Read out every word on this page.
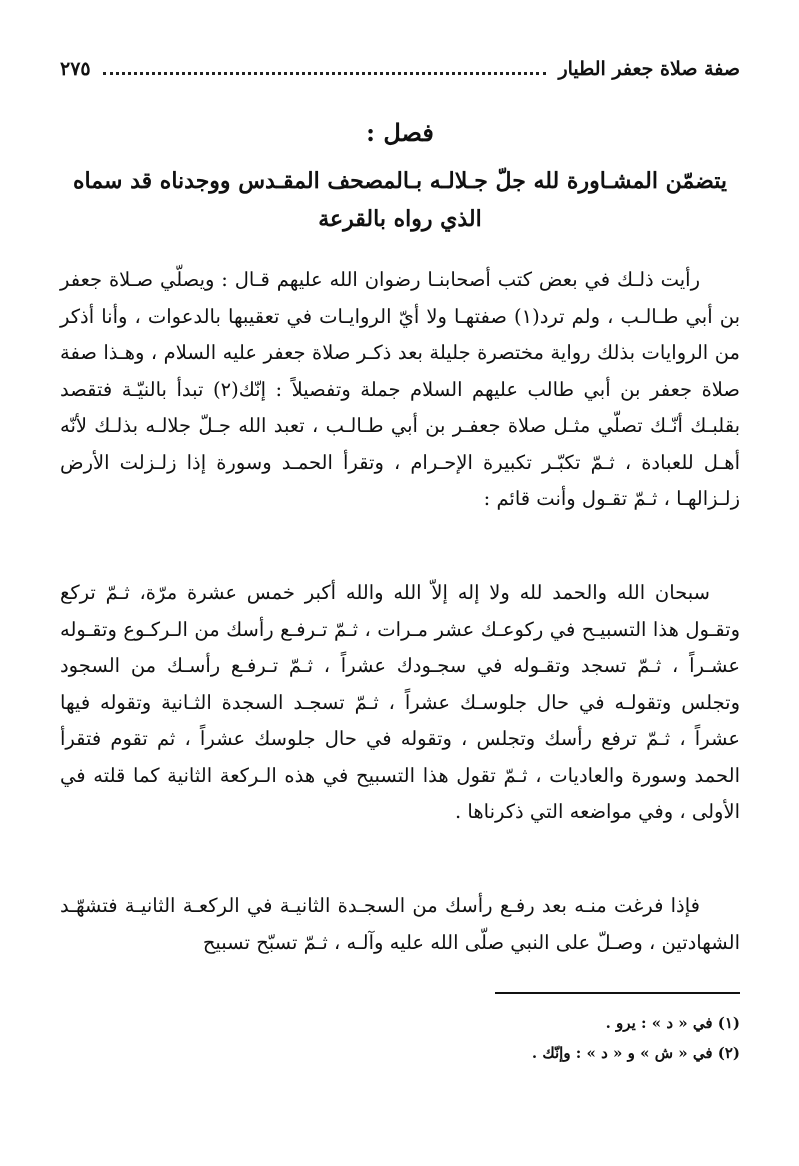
صفة صلاة جعفر الطيار
٢٧٥
فصل :
يتضمّن المشـاورة لله جلّ جـلالـه بـالمصحف المقـدس ووجدناه قد سماه الذي رواه بالقرعة

رأيت ذلـك في بعض كتب أصحابنـا رضوان الله عليهم قـال : ويصلّي صـلاة جعفر بن أبي طـالـب ، ولم ترد(١) صفتهـا ولا أيّ الروايـات في تعقيبها بالدعوات ، وأنا أذكر من الروايات بذلك رواية مختصرة جليلة بعد ذكـر صلاة جعفر عليه السلام ، وهـذا صفة صلاة جعفر بن أبي طالب عليهم السلام جملة وتفصيلاً : إنّك(٢) تبدأ بالنيّـة فتقصد بقلبـك أنّـك تصلّي مثـل صلاة جعفـر بن أبي طـالـب ، تعبد الله جـلّ جلالـه بذلـك لأنّه أهـل للعبادة ، ثـمّ تكبّـر تكبيرة الإحـرام ، وتقرأ الحمـد وسورة إذا زلـزلت الأرض زلـزالهـا ، ثـمّ تقـول وأنت قائم :

سبحان الله والحمد لله ولا إله إلاّ الله والله أكبر خمس عشرة مرّة، ثـمّ تركع وتقـول هذا التسبيـح في ركوعـك عشر مـرات ، ثـمّ تـرفـع رأسك من الـركـوع وتقـوله عشـراً ، ثـمّ تسجد وتقـوله في سجـودك عشراً ، ثـمّ تـرفـع رأسـك من السجود وتجلس وتقولـه في حال جلوسـك عشراً ، ثـمّ تسجـد السجدة الثـانية وتقوله فيها عشراً ، ثـمّ ترفع رأسك وتجلس ، وتقوله في حال جلوسك عشراً ، ثم تقوم فتقرأ الحمد وسورة والعاديات ، ثـمّ تقول هذا التسبيح في هذه الـركعة الثانية كما قلته في الأولى ، وفي مواضعه التي ذكرناها .

فإذا فرغت منـه بعد رفـع رأسك من السجـدة الثانيـة في الركعـة الثانيـة فتشهّـد الشهادتين ، وصـلّ على النبي صلّى الله عليه وآلـه ، ثـمّ تسبّح تسبيح

(١) في « د » : يرو .
(٢) في « ش » و « د » : وإنّك .
